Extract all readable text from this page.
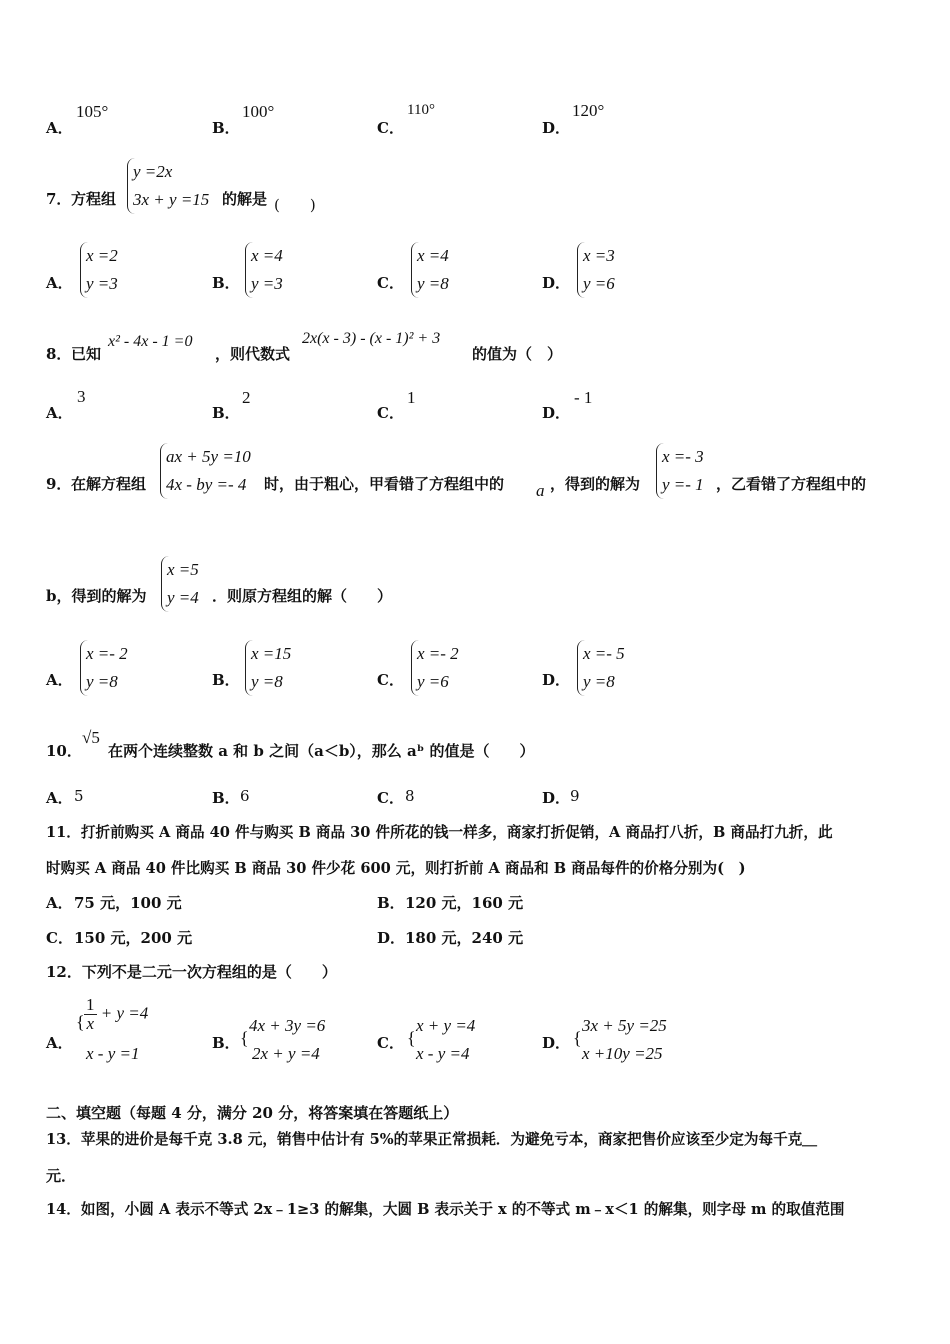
A．
105°
B．
100°
C．
110°
D．
120°
7． 方程组
y =2x
3x + y =15 的解是 (　　)
A．
x =2
y =3	B．
x =4
y =3	C．
x =4
y =8	D．
x =3
y =6
8． 已知
x² - 4x - 1 =0
，则代数式
2x(x - 3) - (x - 1)² + 3
的值为（　）
A．
3
B．
2
C．
1
D．
- 1
9． 在解方程组
ax + 5y =10
4x - by =- 4 时，由于粗心，甲看错了方程组中的 a ，得到的解为
x =- 3
y =- 1 ，乙看错了方程组中的
b，得到的解为
x =5
y =4 ．则原方程组的解（　　）
A．
x =- 2
y =8	B．
x =15
y =8	C．
x =- 2
y =6	D．
x =- 5
y =8
10．
√5
在两个连续整数 a 和 b 之间（a＜b），那么 aᵇ 的值是（　　）
A． 5	B． 6	C． 8	D． 9
11．打折前购买 A 商品 40 件与购买 B 商品 30 件所花的钱一样多，商家打折促销，A 商品打八折，B 商品打九折，此
时购买 A 商品 40 件比购买 B 商品 30 件少花 600 元，则打折前 A 商品和 B 商品每件的价格分别为(　)
A． 75 元，100 元	B． 120 元，160 元
C． 150 元，200 元	D． 180 元，240 元
12．下列不是二元一次方程组的是（　　）
A．
{ $\frac{1}{x} + y =4$
x - y =1
B． {
4x + 3y =6
2x + y =4
C． {
x + y =4
x - y =4
D． {
3x + 5y =25
x +10y =25
二、填空题（每题 4 分，满分 20 分，将答案填在答题纸上）
13．苹果的进价是每千克 3.8 元，销售中估计有 5%的苹果正常损耗．为避免亏本，商家把售价应该至少定为每千克＿
元．
14．如图，小圆 A 表示不等式 2x﹣1≥3 的解集，大圆 B 表示关于 x 的不等式 m﹣x＜1 的解集，则字母 m 的取值范围
